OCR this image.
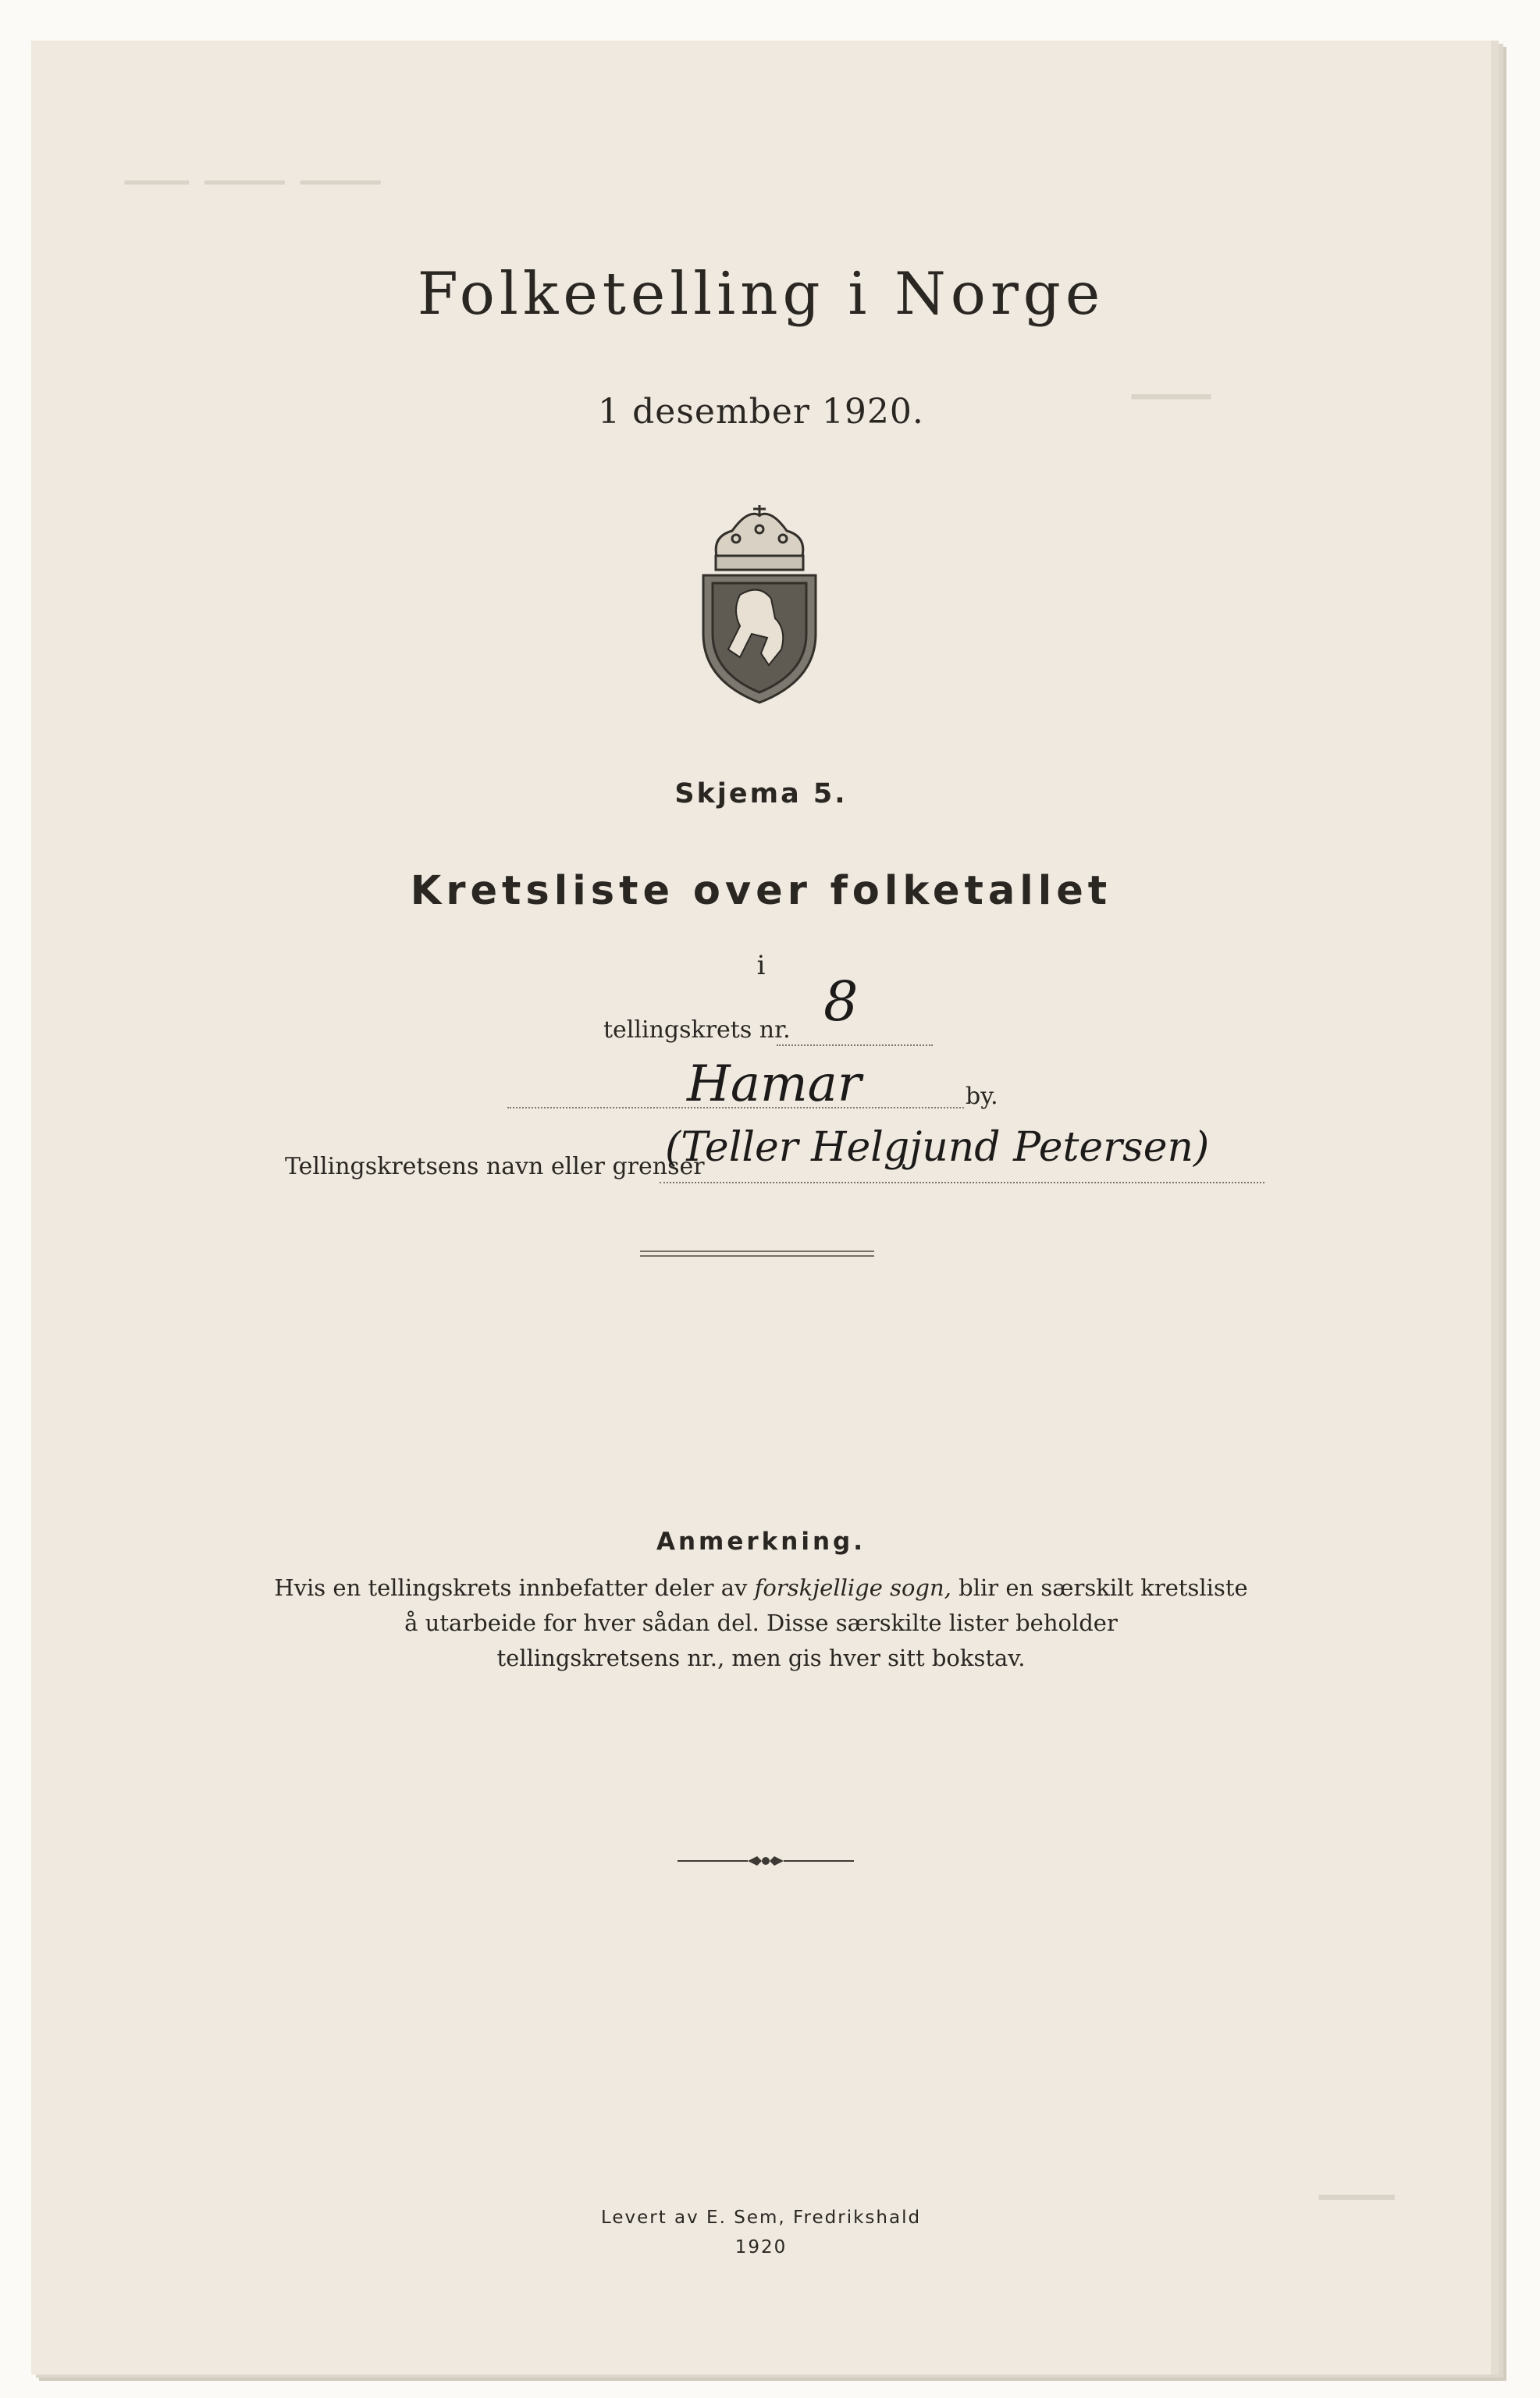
▁▁▁▁ ▁▁▁▁▁ ▁▁▁▁▁
▁▁▁▁
▁▁▁▁
Folketelling i Norge
1 desember 1920.
Skjema 5.
Kretsliste over folketallet
i
tellingskrets nr. 8
Hamar	by.
Tellingskretsens navn eller grenser
(Teller Helgjund Petersen)
Anmerkning.
Hvis en tellingskrets innbefatter deler av forskjellige sogn, blir en særskilt kretsliste
å utarbeide for hver sådan del. Disse særskilte lister beholder
tellingskretsens nr., men gis hver sitt bokstav.
Levert av E. Sem, Fredrikshald
1920
